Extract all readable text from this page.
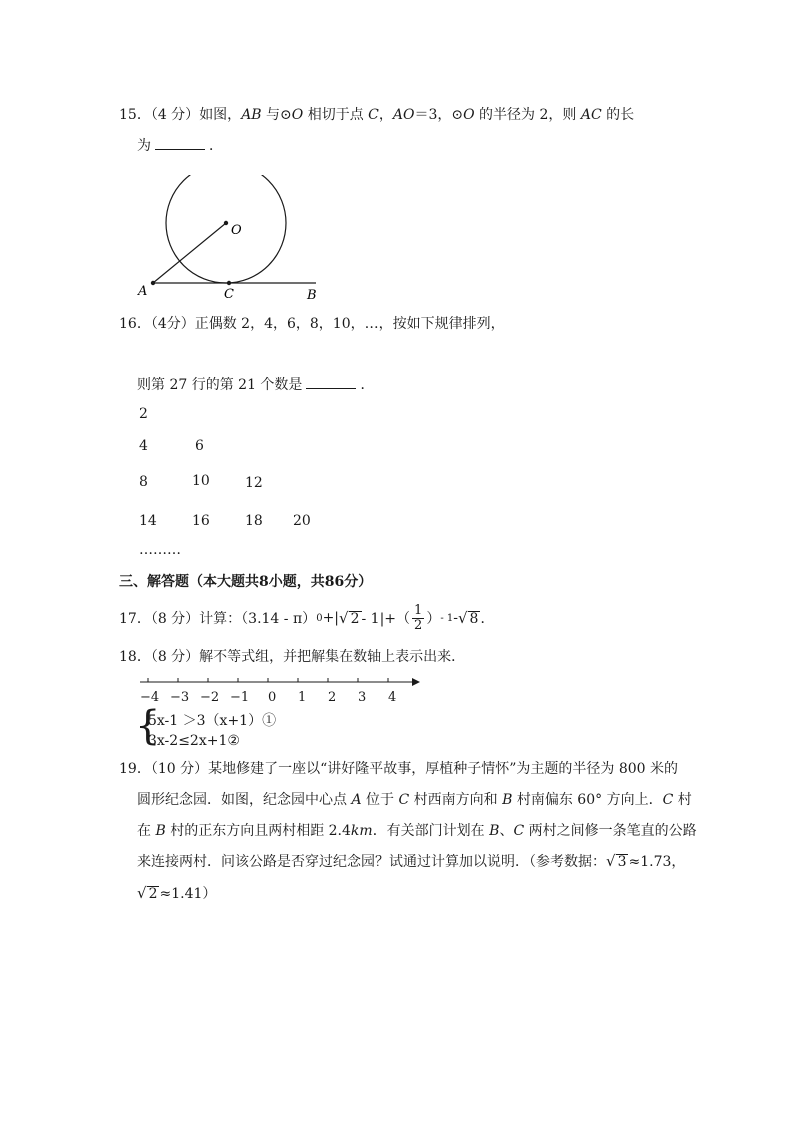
15．（4 分）如图，AB 与⊙O 相切于点 C，AO＝3，⊙O 的半径为 2，则 AC 的长
为	．
A
O
C	B
16．（4分）正偶数 2，4，6，8，10，…，按如下规律排列，
则第 27 行的第 21 个数是	．
2
4	6
8	10	12
14	16	18 20
………
三、解答题（本大题共8小题，共86分）
17．（8 分）计算：（3.14 - π） 0 +| √ $2 - 1|+( \frac{1}{2}$ ） - 1 - √ 8 ．
18．（8 分）解不等式组，并把解集在数轴上表示出来．
−4 −3 −2 −1 0 1 2 3 4
{
5x-1 ＞3（x+1）①
3x-2≤2x+1②
19．（10 分）某地修建了一座以“讲好隆平故事，厚植种子情怀”为主题的半径为 800 米的
圆形纪念园．如图，纪念园中心点 A 位于 C 村西南方向和 B 村南偏东 60° 方向上．C 村
在 B 村的正东方向且两村相距 2.4km．有关部门计划在 B、C 两村之间修一条笔直的公路
来连接两村．问该公路是否穿过纪念园？试通过计算加以说明．（参考数据：√ 3 ≈1.73，
√ 2 ≈1.41）
